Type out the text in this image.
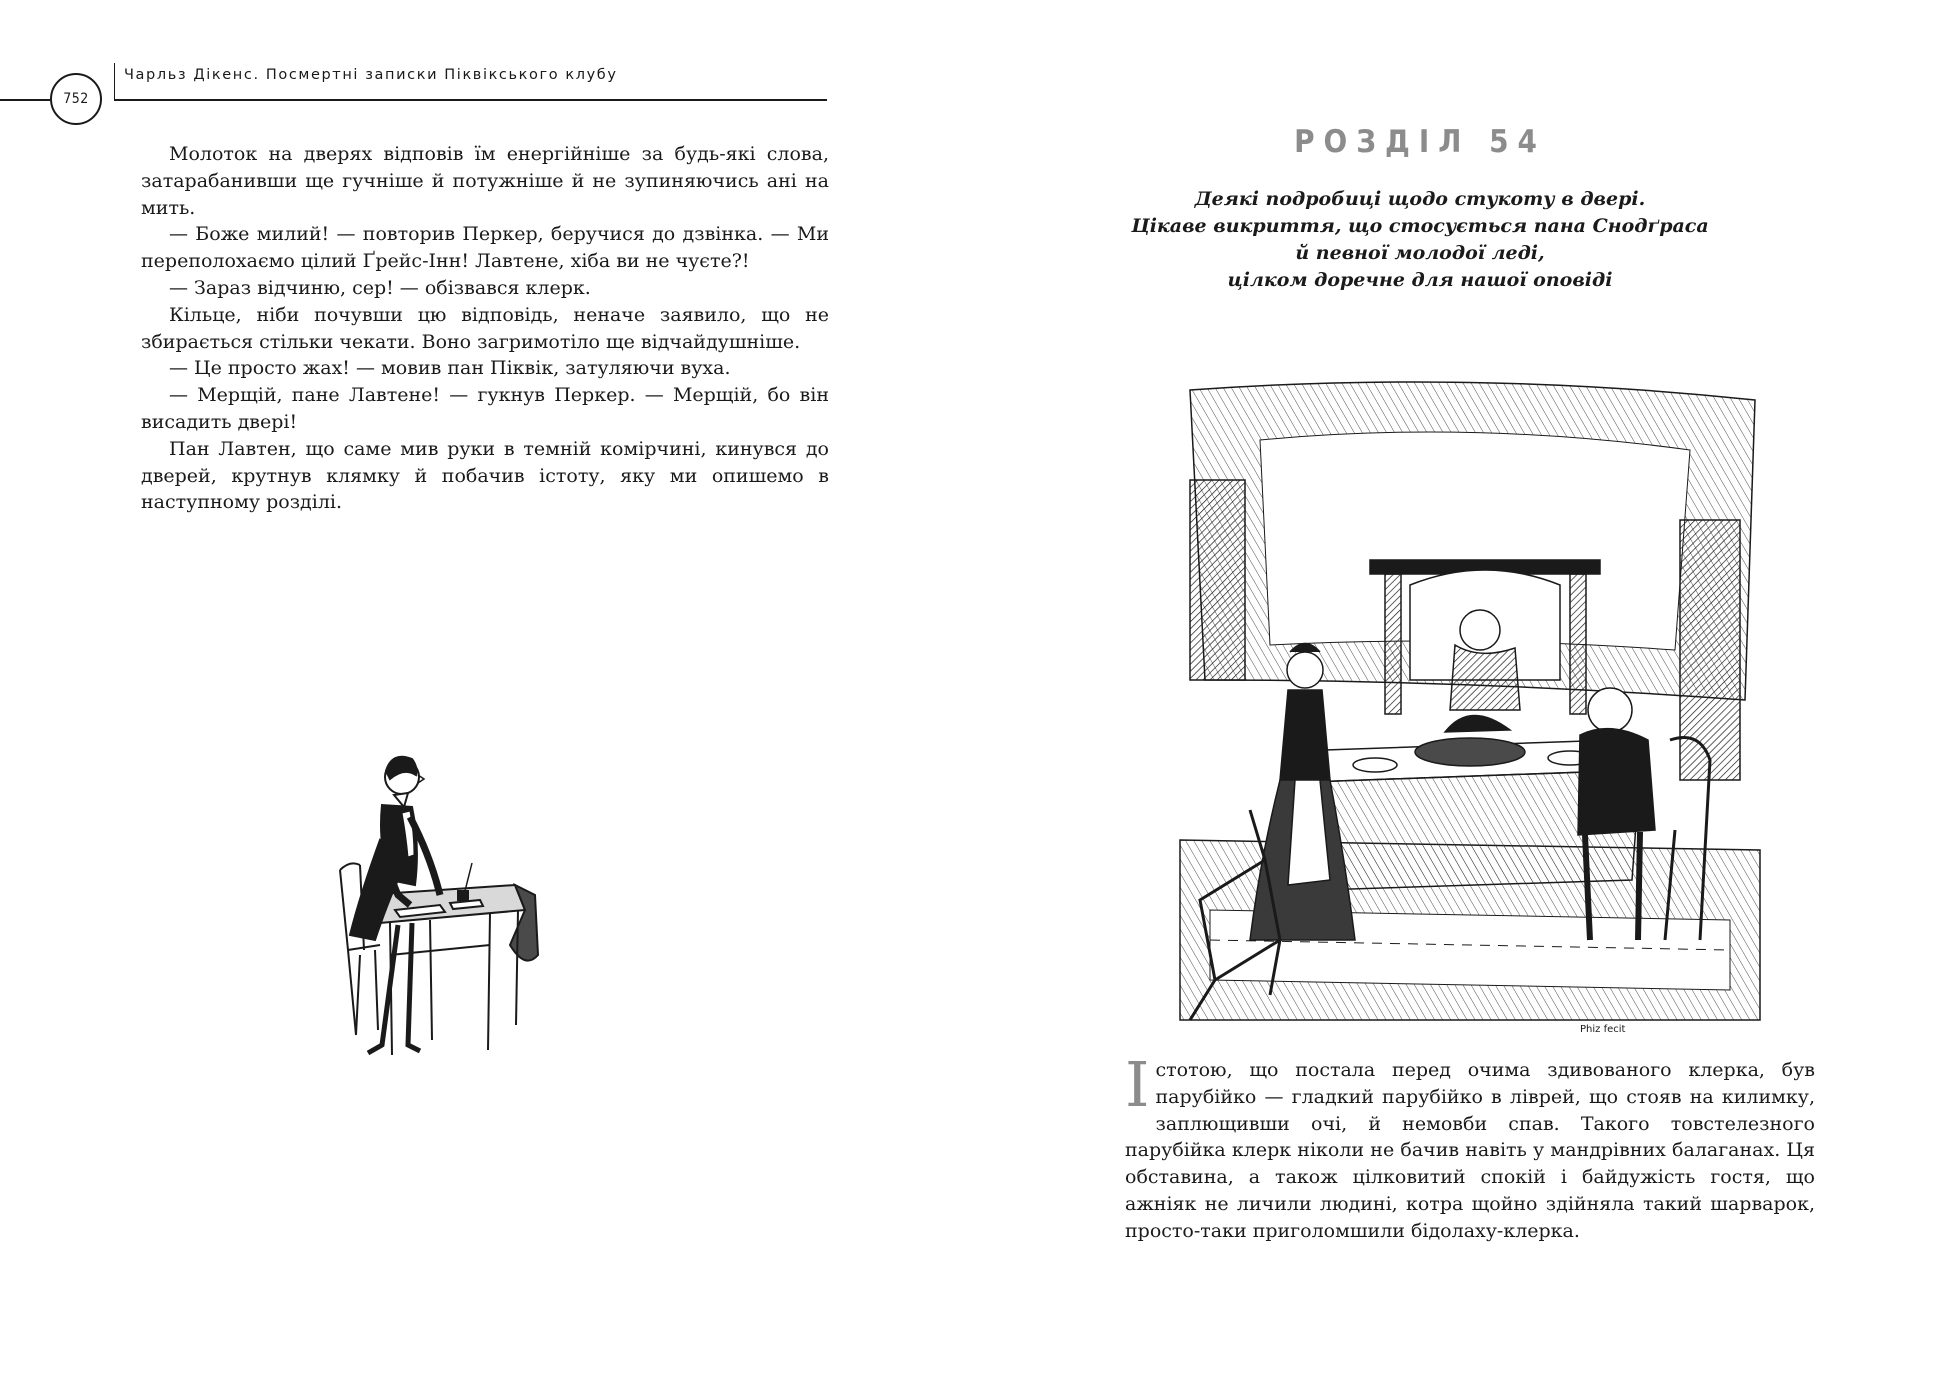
752
Чарльз Дікенс. Посмертні записки Піквікського клубу

Молоток на дверях відповів їм енергійніше за будь-які слова, затарабанивши ще гучніше й потужніше й не зупиняючись ані на мить.

— Боже милий! — повторив Перкер, беручися до дзвінка. — Ми переполохаємо цілий Ґрейс-Інн! Лавтене, хіба ви не чуєте?!

— Зараз відчиню, сер! — обізвався клерк.

Кільце, ніби почувши цю відповідь, неначе заявило, що не збирається стільки чекати. Воно загримотіло ще відчайдушніше.

— Це просто жах! — мовив пан Піквік, затуляючи вуха.

— Мерщій, пане Лавтене! — гукнув Перкер. — Мерщій, бо він висадить двері!

Пан Лавтен, що саме мив руки в темній комірчині, кинувся до дверей, крутнув клямку й побачив істоту, яку ми опишемо в наступному розділі.

РОЗДІЛ 54
Деякі подробиці щодо стукоту в двері.
Цікаве викриття, що стосується пана Снодґраса
й певної молодої леді,
цілком доречне для нашої оповіді
Phiz fecit

Істотою, що постала перед очима здивованого клерка, був парубійко — гладкий парубійко в ліврей, що стояв на килимку, заплющивши очі, й немовби спав. Такого товстелезного парубійка клерк ніколи не бачив навіть у мандрівних балаганах. Ця обставина, а також цілковитий спокій і байдужість гостя, що ажніяк не личили людині, котра щойно здійняла такий шарварок, просто-таки приголомшили бідолаху-клерка.
